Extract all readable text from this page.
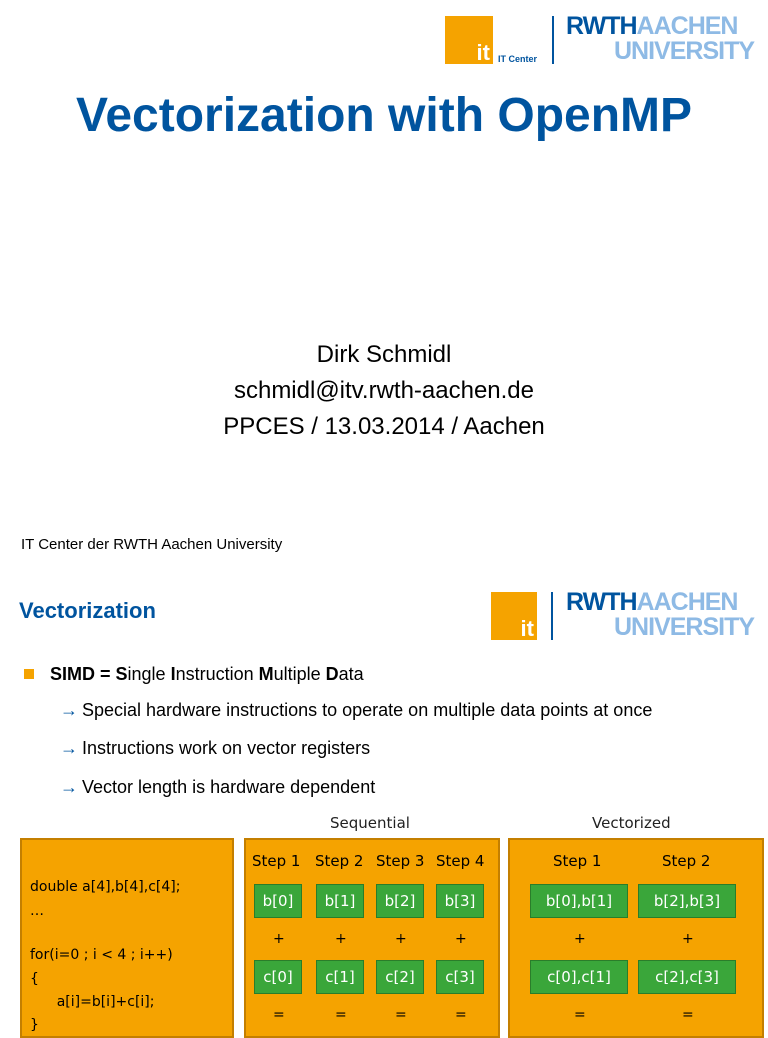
it IT Center
RWTHAACHEN
UNIVERSITY
Vectorization with OpenMP
Dirk Schmidl
schmidl@itv.rwth-aachen.de
PPCES / 13.03.2014 / Aachen
IT Center der RWTH Aachen University
Vectorization
it
RWTHAACHEN
UNIVERSITY
SIMD = Single Instruction Multiple Data
→ Special hardware instructions to operate on multiple data points at once
→ Instructions work on vector registers
→ Vector length is hardware dependent
Sequential	Vectorized
double a[4],b[4],c[4];
…
for(i=0 ; i < 4 ; i++)
{
a[i]=b[i]+c[i];
}
Step 1 Step 2 Step 3 Step 4
b[0]	b[1]	b[2]	b[3]
+	+	+	+
c[0]	c[1]	c[2]	c[3]
=	=	=	=
Step 1	Step 2
b[0],b[1]	b[2],b[3]
+	+
c[0],c[1]	c[2],c[3]
=	=
